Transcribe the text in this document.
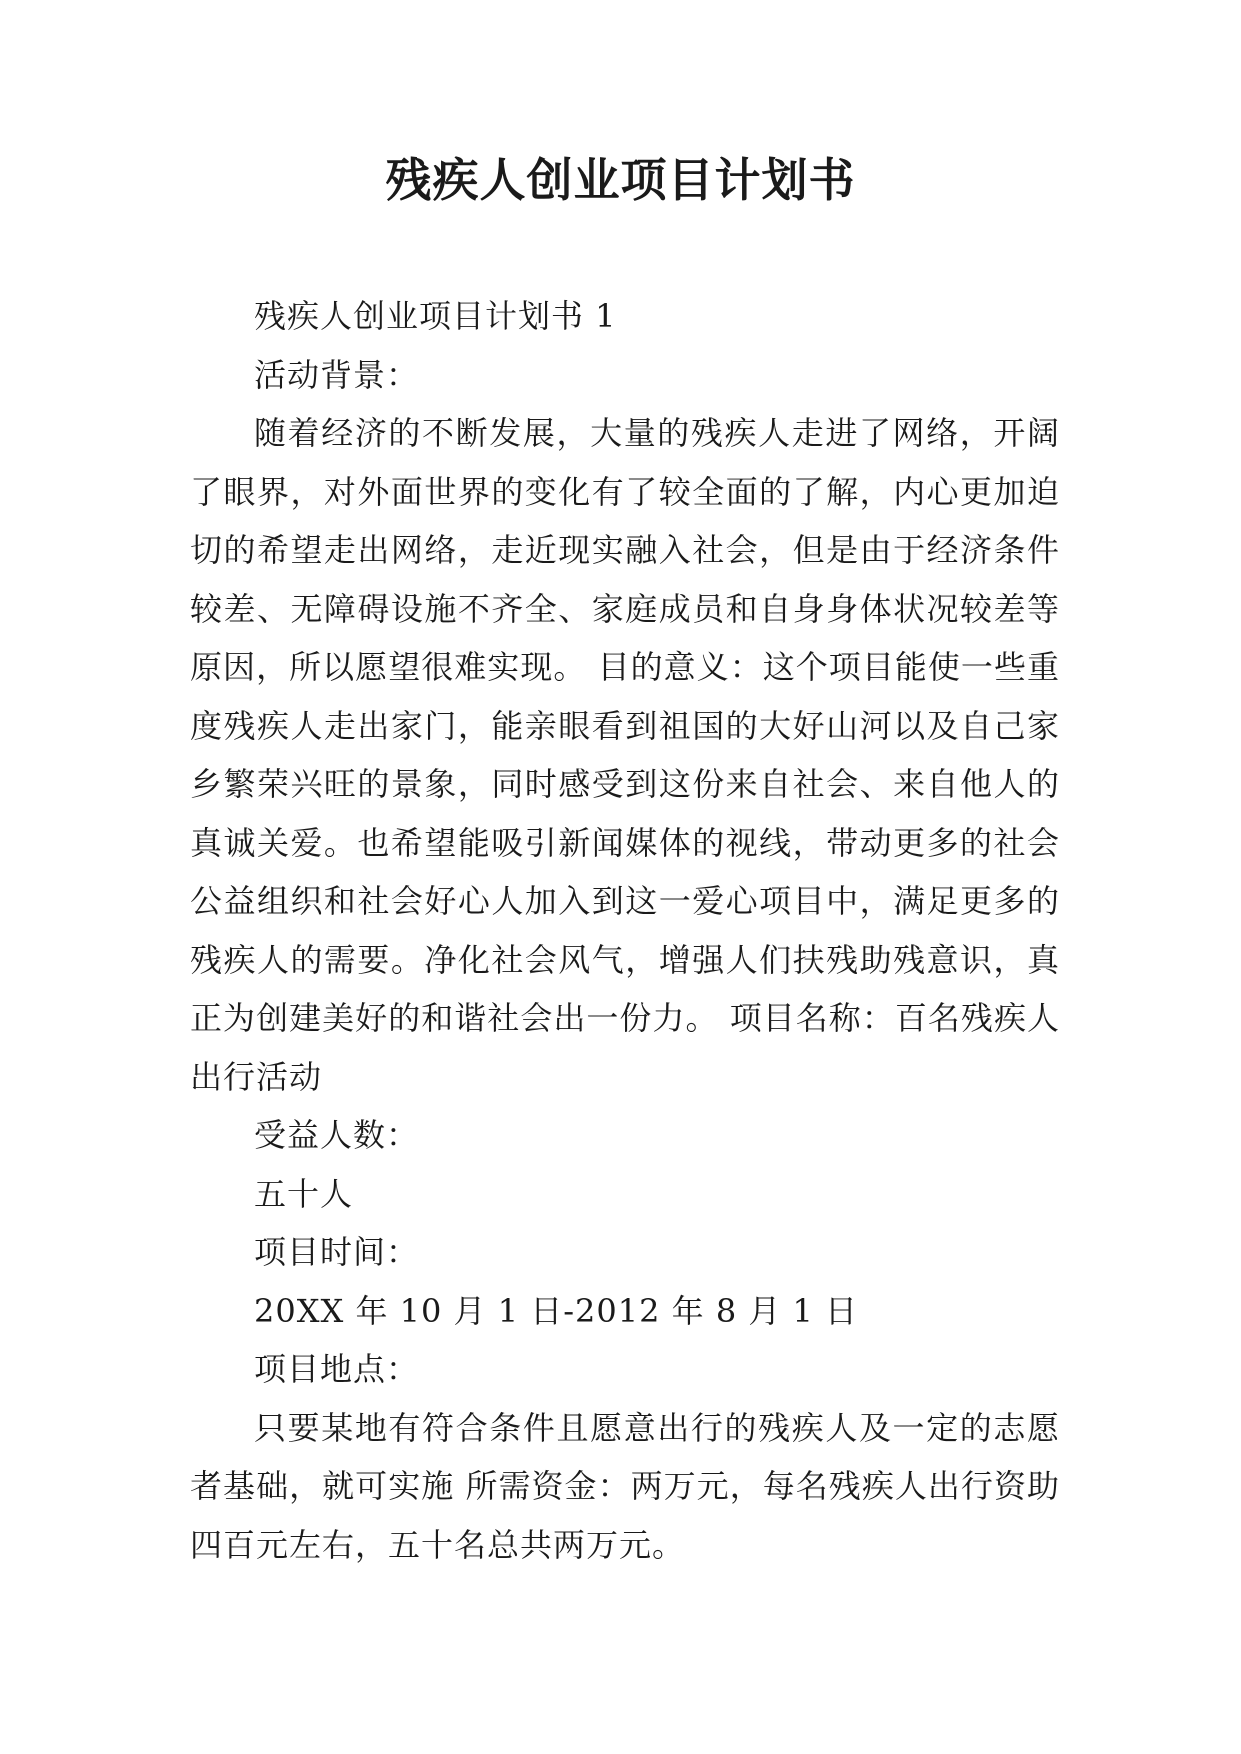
残疾人创业项目计划书

残疾人创业项目计划书 1

活动背景：

随着经济的不断发展，大量的残疾人走进了网络，开阔了眼界，对外面世界的变化有了较全面的了解，内心更加迫切的希望走出网络，走近现实融入社会，但是由于经济条件较差、无障碍设施不齐全、家庭成员和自身身体状况较差等原因，所以愿望很难实现。 目的意义：这个项目能使一些重度残疾人走出家门，能亲眼看到祖国的大好山河以及自己家乡繁荣兴旺的景象，同时感受到这份来自社会、来自他人的真诚关爱。也希望能吸引新闻媒体的视线，带动更多的社会公益组织和社会好心人加入到这一爱心项目中，满足更多的残疾人的需要。净化社会风气，增强人们扶残助残意识，真正为创建美好的和谐社会出一份力。 项目名称：百名残疾人出行活动

受益人数：

五十人

项目时间：

20XX 年 10 月 1 日-2012 年 8 月 1 日

项目地点：

只要某地有符合条件且愿意出行的残疾人及一定的志愿者基础，就可实施 所需资金：两万元，每名残疾人出行资助四百元左右，五十名总共两万元。
